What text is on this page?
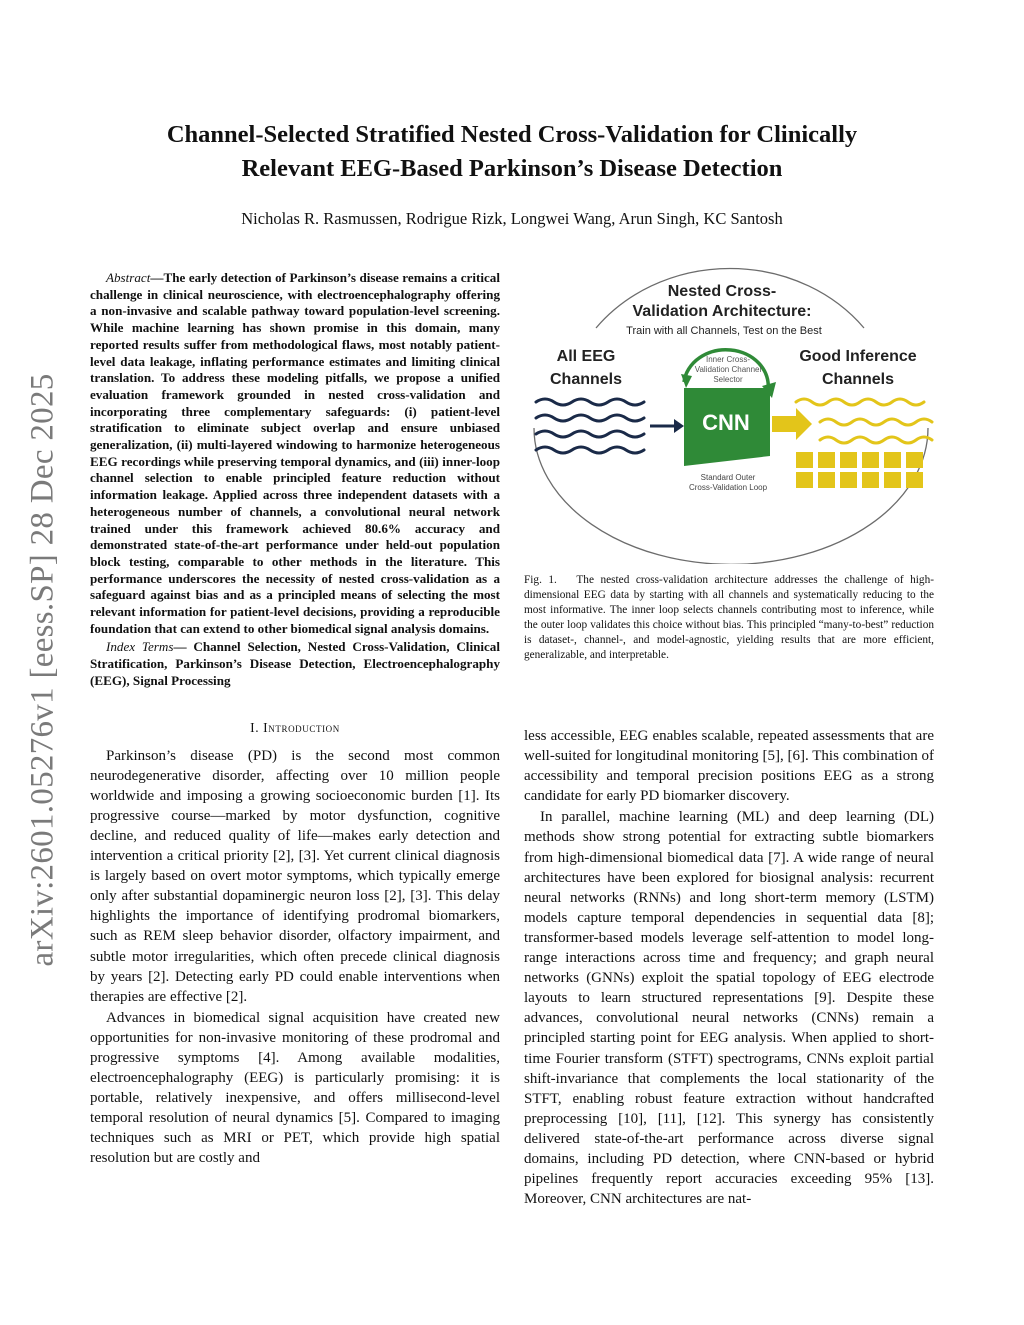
arXiv:2601.05276v1 [eess.SP] 28 Dec 2025
Channel-Selected Stratified Nested Cross-Validation for Clinically
Relevant EEG-Based Parkinson’s Disease Detection
Nicholas R. Rasmussen, Rodrigue Rizk, Longwei Wang, Arun Singh, KC Santosh

Abstract—The early detection of Parkinson’s disease remains a critical challenge in clinical neuroscience, with electroencephalography offering a non-invasive and scalable pathway toward population-level screening. While machine learning has shown promise in this domain, many reported results suffer from methodological flaws, most notably patient-level data leakage, inflating performance estimates and limiting clinical translation. To address these modeling pitfalls, we propose a unified evaluation framework grounded in nested cross-validation and incorporating three complementary safeguards: (i) patient-level stratification to eliminate subject overlap and ensure unbiased generalization, (ii) multi-layered windowing to harmonize heterogeneous EEG recordings while preserving temporal dynamics, and (iii) inner-loop channel selection to enable principled feature reduction without information leakage. Applied across three independent datasets with a heterogeneous number of channels, a convolutional neural network trained under this framework achieved 80.6% accuracy and demonstrated state-of-the-art performance under held-out population block testing, comparable to other methods in the literature. This performance underscores the necessity of nested cross-validation as a safeguard against bias and as a principled means of selecting the most relevant information for patient-level decisions, providing a reproducible foundation that can extend to other biomedical signal analysis domains.

Index Terms— Channel Selection, Nested Cross-Validation, Clinical Stratification, Parkinson’s Disease Detection, Electroencephalography (EEG), Signal Processing

I. Introduction

Parkinson’s disease (PD) is the second most common neurodegenerative disorder, affecting over 10 million people worldwide and imposing a growing socioeconomic burden [1]. Its progressive course—marked by motor dysfunction, cognitive decline, and reduced quality of life—makes early detection and intervention a critical priority [2], [3]. Yet current clinical diagnosis is largely based on overt motor symptoms, which typically emerge only after substantial dopaminergic neuron loss [2], [3]. This delay highlights the importance of identifying prodromal biomarkers, such as REM sleep behavior disorder, olfactory impairment, and subtle motor irregularities, which often precede clinical diagnosis by years [2]. Detecting early PD could enable interventions when therapies are effective [2].

Advances in biomedical signal acquisition have created new opportunities for non-invasive monitoring of these prodromal and progressive symptoms [4]. Among available modalities, electroencephalography (EEG) is particularly promising: it is portable, relatively inexpensive, and offers millisecond-level temporal resolution of neural dynamics [5]. Compared to imaging techniques such as MRI or PET, which provide high spatial resolution but are costly and

Nested Cross-
Validation Architecture:
Train with all Channels, Test on the Best
All EEG
Channels
Good Inference
Channels
Inner Cross-
Validation Channel
Selector
CNN
Standard Outer
Cross-Validation Loop
Fig. 1. The nested cross-validation architecture addresses the challenge of high-dimensional EEG data by starting with all channels and systematically reducing to the most informative. The inner loop selects channels contributing most to inference, while the outer loop validates this choice without bias. This principled “many-to-best” reduction is dataset-, channel-, and model-agnostic, yielding results that are more efficient, generalizable, and interpretable.

less accessible, EEG enables scalable, repeated assessments that are well-suited for longitudinal monitoring [5], [6]. This combination of accessibility and temporal precision positions EEG as a strong candidate for early PD biomarker discovery.

In parallel, machine learning (ML) and deep learning (DL) methods show strong potential for extracting subtle biomarkers from high-dimensional biomedical data [7]. A wide range of neural architectures have been explored for biosignal analysis: recurrent neural networks (RNNs) and long short-term memory (LSTM) models capture temporal dependencies in sequential data [8]; transformer-based models leverage self-attention to model long-range interactions across time and frequency; and graph neural networks (GNNs) exploit the spatial topology of EEG electrode layouts to learn structured representations [9]. Despite these advances, convolutional neural networks (CNNs) remain a principled starting point for EEG analysis. When applied to short-time Fourier transform (STFT) spectrograms, CNNs exploit partial shift-invariance that complements the local stationarity of the STFT, enabling robust feature extraction without handcrafted preprocessing [10], [11], [12]. This synergy has consistently delivered state-of-the-art performance across diverse signal domains, including PD detection, where CNN-based or hybrid pipelines frequently report accuracies exceeding 95% [13]. Moreover, CNN architectures are nat-
